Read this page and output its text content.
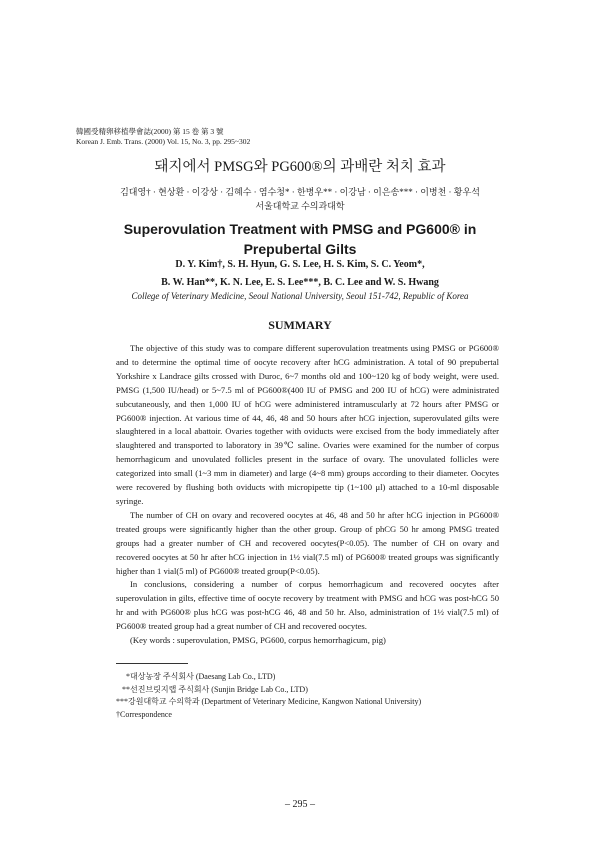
韓國受精卵移植學會誌(2000) 第 15 卷 第 3 號
Korean J. Emb. Trans. (2000) Vol. 15, No. 3, pp. 295~302
돼지에서 PMSG와 PG600®의 과배란 처치 효과
김대영† · 현상환 · 이강상 · 김혜수 · 염수청* · 한병우** · 이강남 · 이은송*** · 이병천 · 황우석
서울대학교 수의과대학
Superovulation Treatment with PMSG and PG600® in
Prepubertal Gilts
D. Y. Kim†, S. H. Hyun, G. S. Lee, H. S. Kim, S. C. Yeom*,
B. W. Han**, K. N. Lee, E. S. Lee***, B. C. Lee and W. S. Hwang
College of Veterinary Medicine, Seoul National University, Seoul 151-742, Republic of Korea
SUMMARY

The objective of this study was to compare different superovulation treatments using PMSG or PG600® and to determine the optimal time of oocyte recovery after hCG administration. A total of 90 prepubertal Yorkshire x Landrace gilts crossed with Duroc, 6~7 months old and 100~120 kg of body weight, were used. PMSG (1,500 IU/head) or 5~7.5 ml of PG600®(400 IU of PMSG and 200 IU of hCG) were administrated subcutaneously, and then 1,000 IU of hCG were administered intramuscularly at 72 hours after PMSG or PG600® injection. At various time of 44, 46, 48 and 50 hours after hCG injection, superovulated gilts were slaughtered in a local abattoir. Ovaries together with oviducts were excised from the body immediately after slaughtered and transported to laboratory in 39℃ saline. Ovaries were examined for the number of corpus hemorrhagicum and unovulated follicles present in the surface of ovary. The unovulated follicles were categorized into small (1~3 mm in diameter) and large (4~8 mm) groups according to their diameter. Oocytes were recovered by flushing both oviducts with micropipette tip (1~100 μl) attached to a 10-ml disposable syringe.

The number of CH on ovary and recovered oocytes at 46, 48 and 50 hr after hCG injection in PG600® treated groups were significantly higher than the other group. Group of phCG 50 hr among PMSG treated groups had a greater number of CH and recovered oocytes(P<0.05). The number of CH on ovary and recovered oocytes at 50 hr after hCG injection in 1½ vial(7.5 ml) of PG600® treated groups was significantly higher than 1 vial(5 ml) of PG600® treated group(P<0.05).

In conclusions, considering a number of corpus hemorrhagicum and recovered oocytes after superovulation in gilts, effective time of oocyte recovery by treatment with PMSG and hCG was post-hCG 50 hr and with PG600® plus hCG was post-hCG 46, 48 and 50 hr. Also, administration of 1½ vial(7.5 ml) of PG600® treated group had a great number of CH and recovered oocytes.

(Key words : superovulation, PMSG, PG600, corpus hemorrhagicum, pig)

*대상농장 주식회사 (Daesang Lab Co., LTD)
**선진브릿지랩 주식회사 (Sunjin Bridge Lab Co., LTD)
***강원대학교 수의학과 (Department of Veterinary Medicine, Kangwon National University)
†Correspondence
– 295 –
